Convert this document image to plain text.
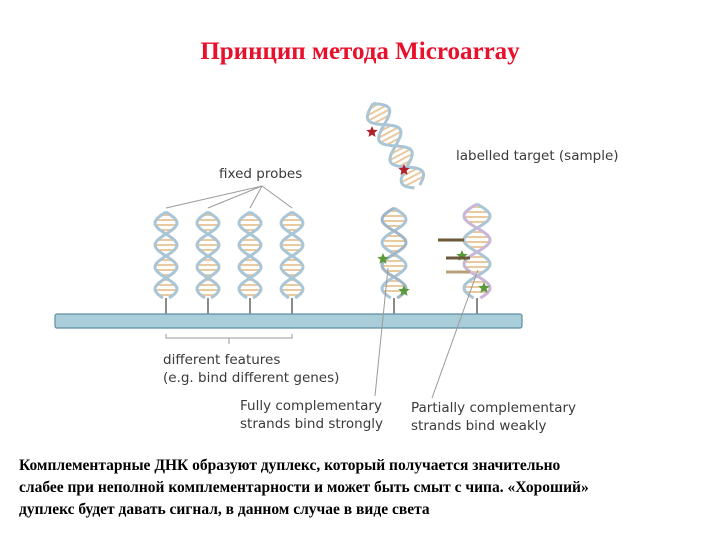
Принцип метода Microarray
fixed probes
labelled target (sample)
different features
(e.g. bind different genes)
Fully complementary
strands bind strongly
Partially complementary
strands bind weakly
Комплементарные ДНК образуют дуплекс, который получается значительно
слабее при неполной комплементарности и может быть смыт с чипа. «Хороший»
дуплекс будет давать сигнал, в данном случае в виде света
